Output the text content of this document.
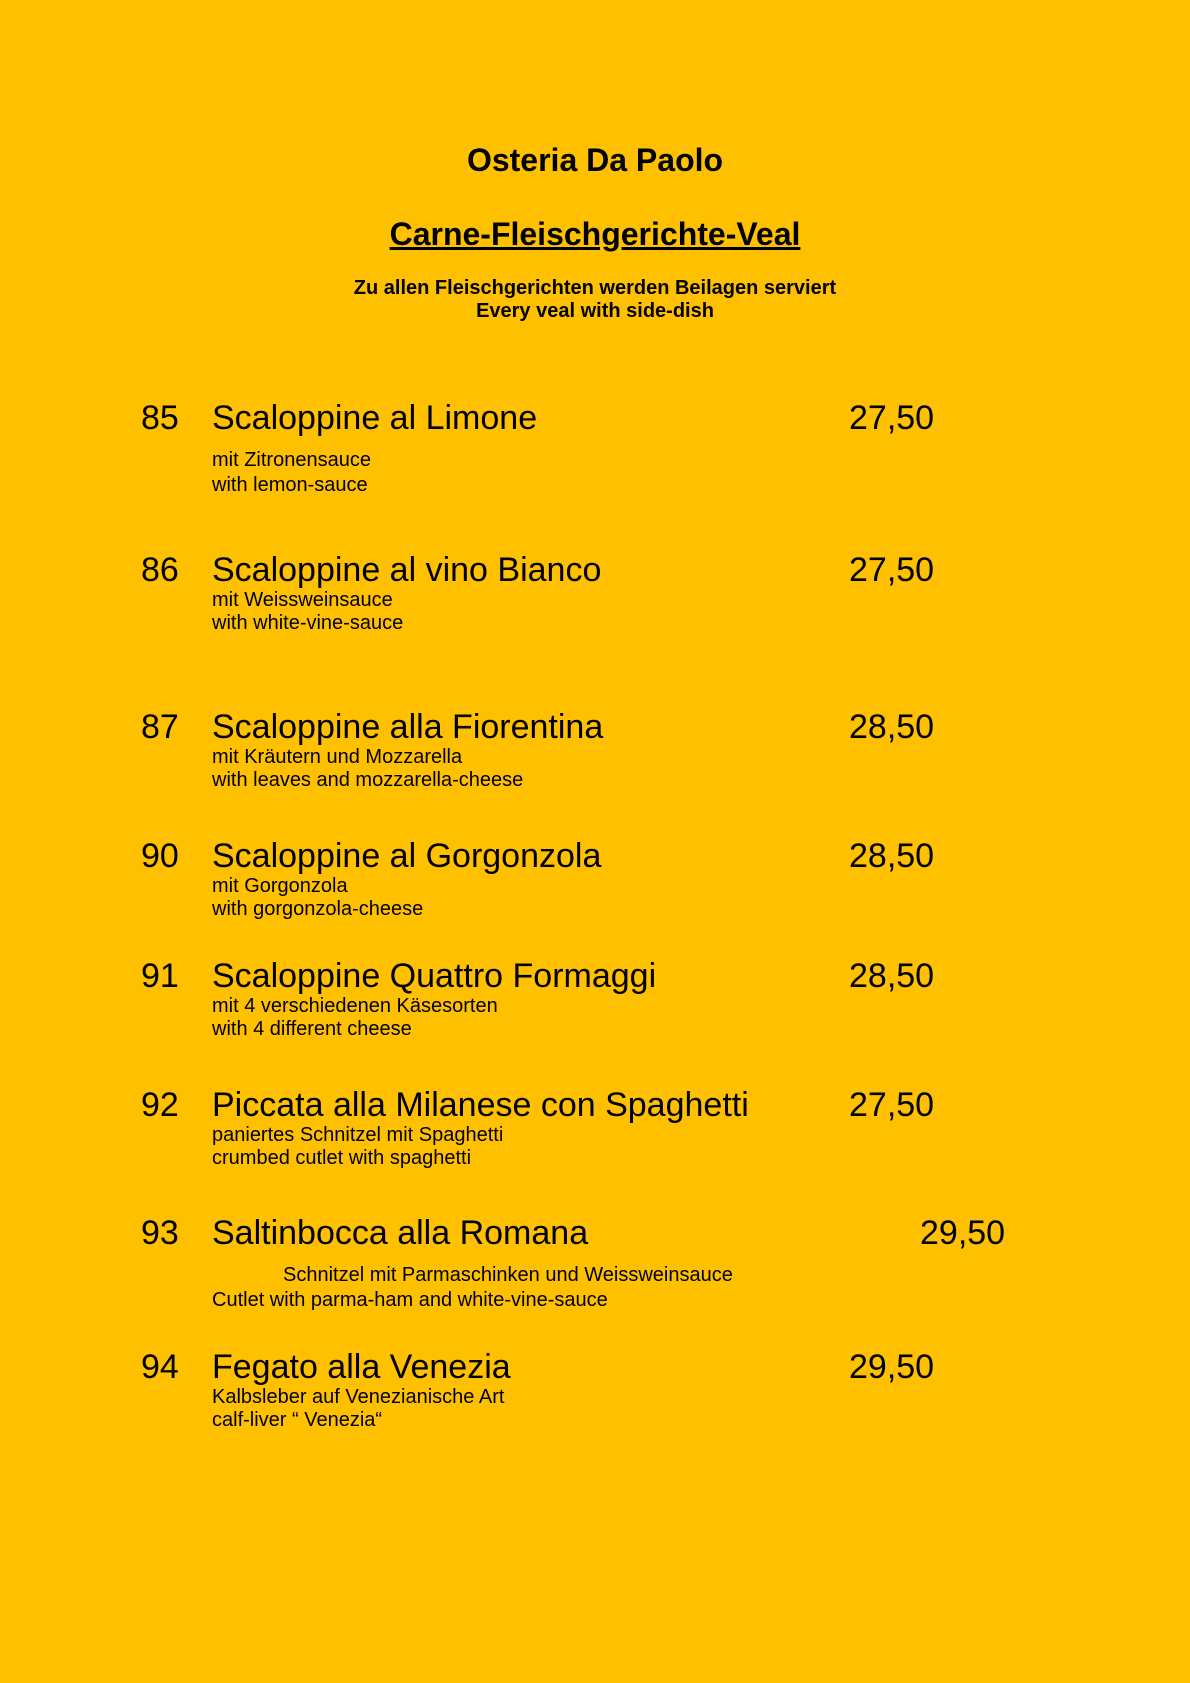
Osteria Da Paolo
Carne-Fleischgerichte-Veal
Zu allen Fleischgerichten werden Beilagen serviert
Every veal with side-dish
85 Scaloppine al Limone	27,50
mit Zitronensauce
with lemon-sauce
86 Scaloppine al vino Bianco	27,50
mit Weissweinsauce
with white-vine-sauce
87 Scaloppine alla Fiorentina	28,50
mit Kräutern und Mozzarella
with leaves and mozzarella-cheese
90 Scaloppine al Gorgonzola	28,50
mit Gorgonzola
with gorgonzola-cheese
91 Scaloppine Quattro Formaggi	28,50
mit 4 verschiedenen Käsesorten
with 4 different cheese
92 Piccata alla Milanese con Spaghetti	27,50
paniertes Schnitzel mit Spaghetti
crumbed cutlet with spaghetti
93 Saltinbocca alla Romana	29,50
Schnitzel mit Parmaschinken und Weissweinsauce
Cutlet with parma-ham and white-vine-sauce
94 Fegato alla Venezia	29,50
Kalbsleber auf Venezianische Art
calf-liver “ Venezia“
